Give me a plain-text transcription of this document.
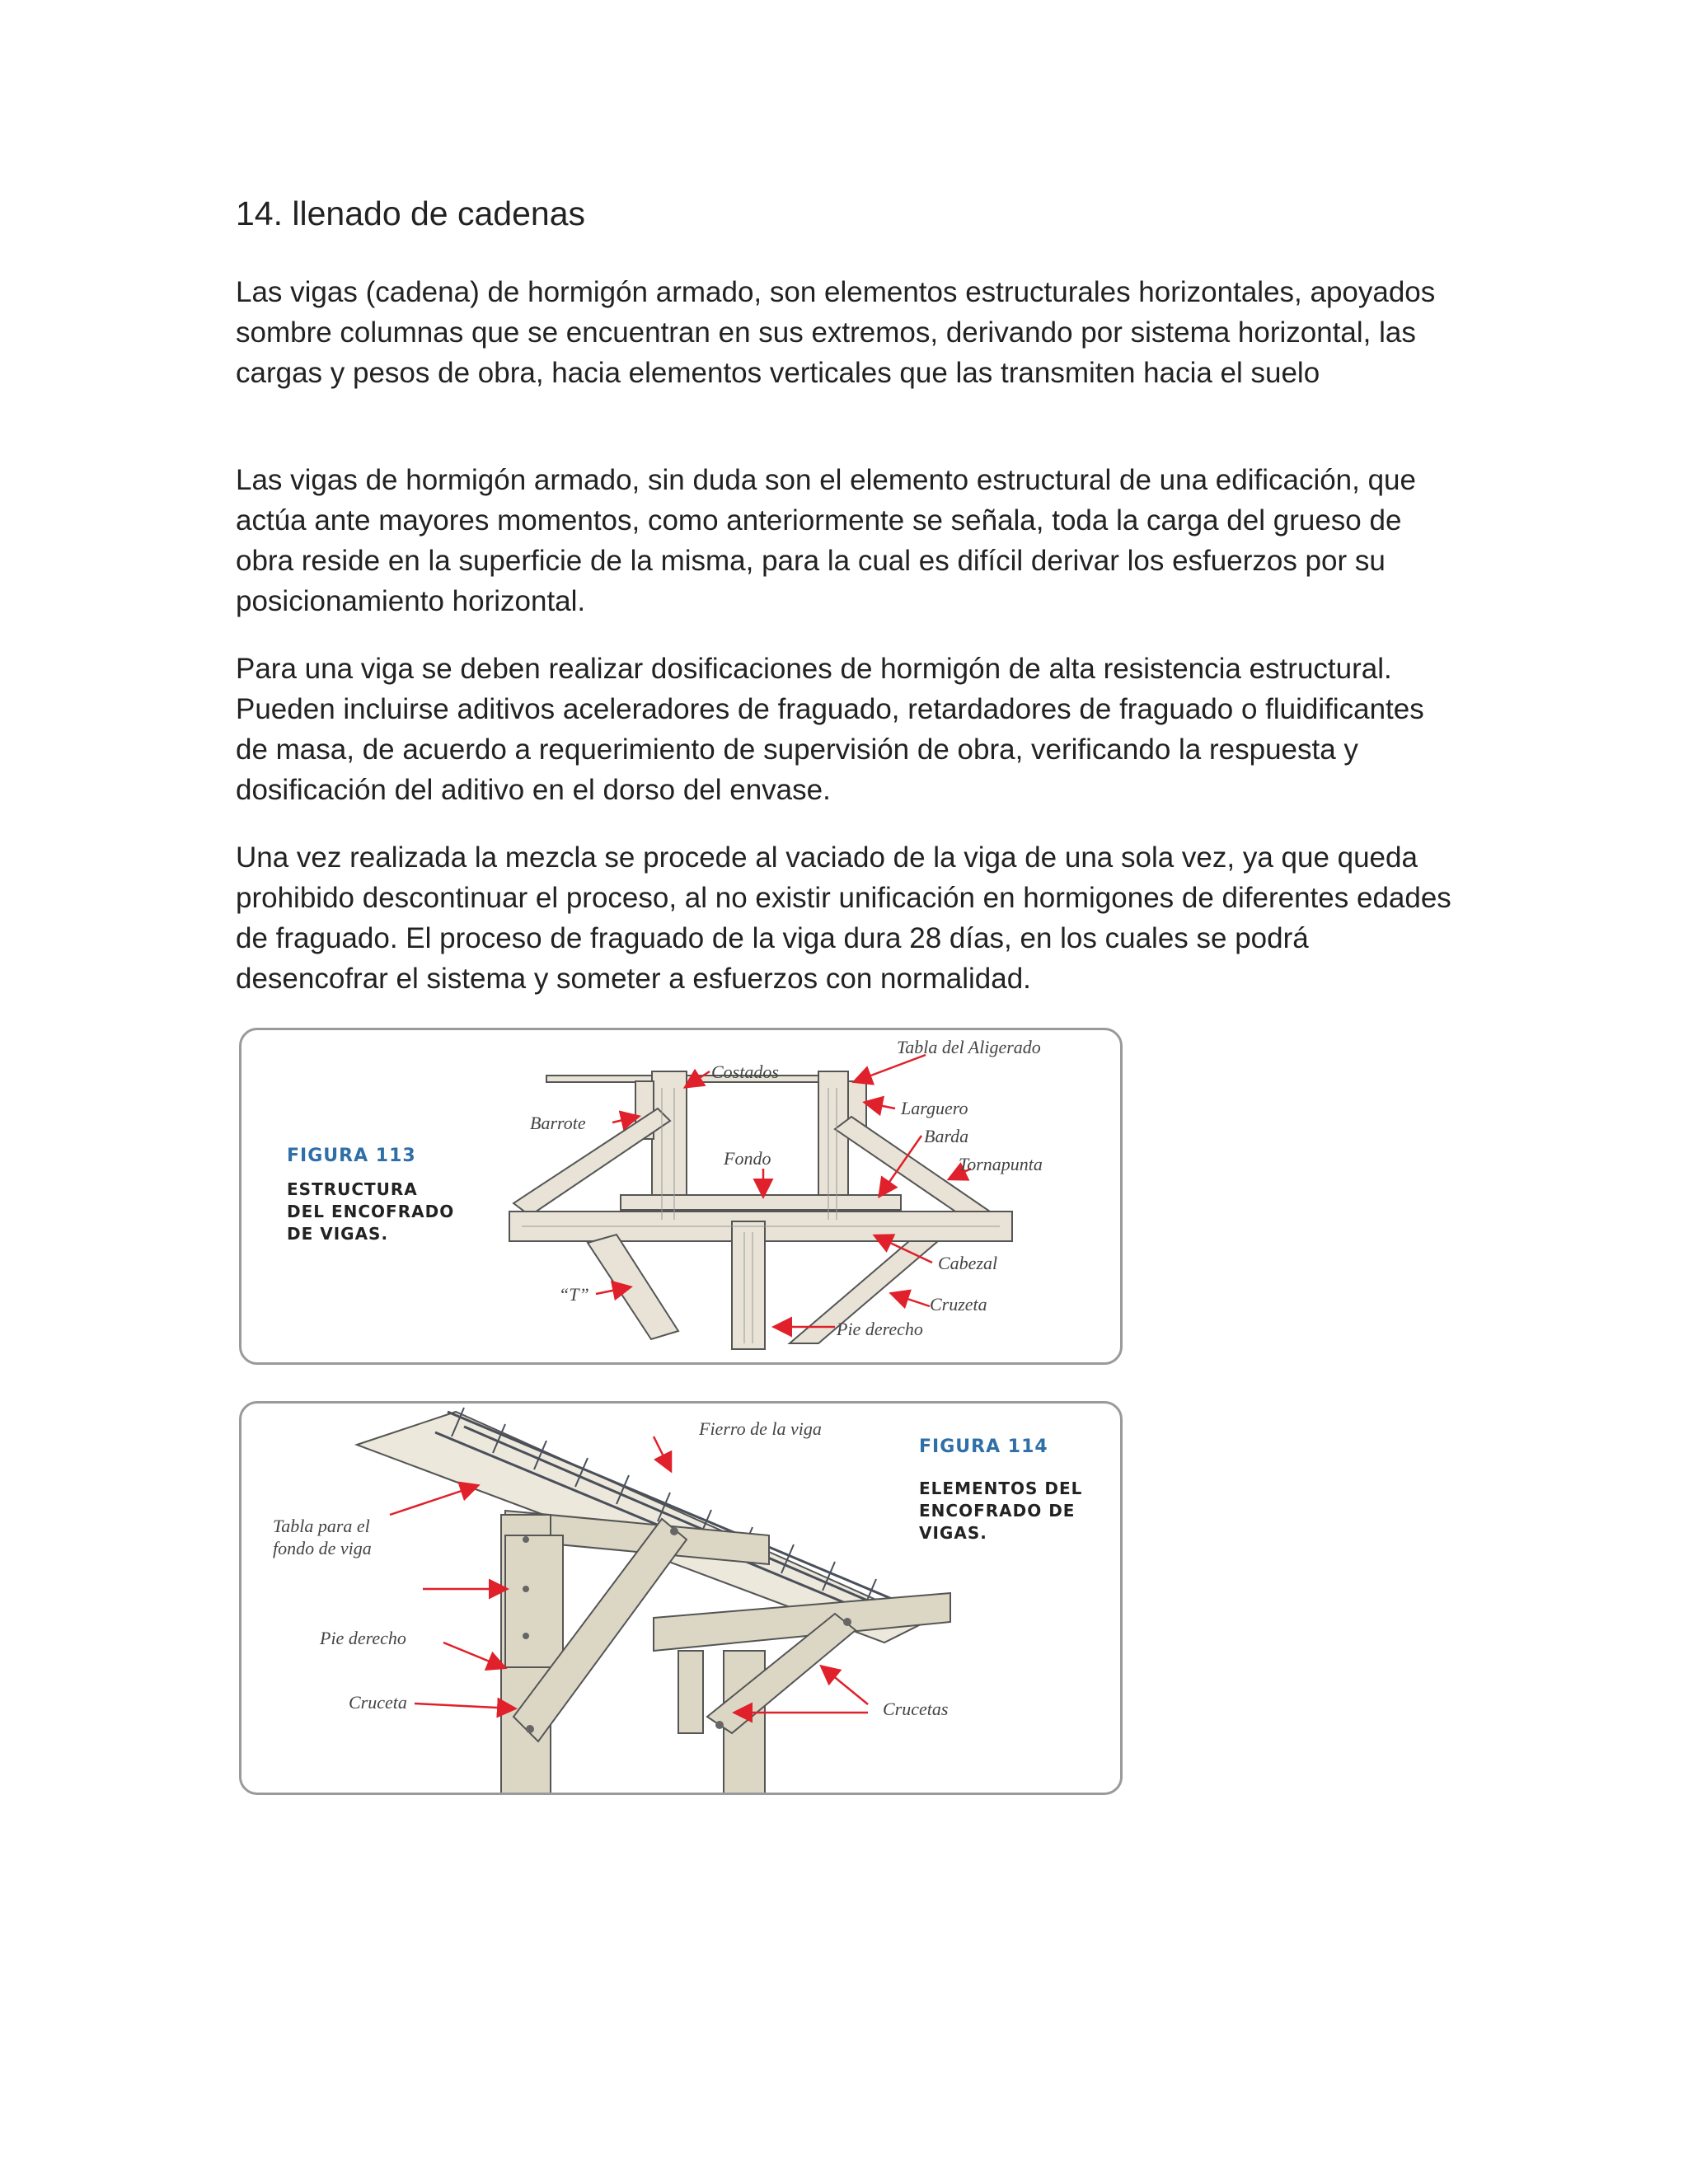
14. llenado de cadenas

Las vigas (cadena) de hormigón armado, son elementos estructurales horizontales, apoyados sombre columnas que se encuentran en sus extremos, derivando por sistema horizontal, las cargas y pesos de obra, hacia elementos verticales que las transmiten hacia el suelo

Las vigas de hormigón armado, sin duda son el elemento estructural de una edificación, que actúa ante mayores momentos, como anteriormente se señala, toda la carga del grueso de obra reside en la superficie de la misma, para la cual es difícil derivar los esfuerzos por su posicionamiento horizontal.

Para una viga se deben realizar dosificaciones de hormigón de alta resistencia estructural. Pueden incluirse aditivos aceleradores de fraguado, retardadores de fraguado o fluidificantes de masa, de acuerdo a requerimiento de supervisión de obra, verificando la respuesta y dosificación del aditivo en el dorso del envase.

Una vez realizada la mezcla se procede al vaciado de la viga de una sola vez, ya que queda prohibido descontinuar el proceso, al no existir unificación en hormigones de diferentes edades de fraguado. El proceso de fraguado de la viga dura 28 días, en los cuales se podrá desencofrar el sistema y someter a esfuerzos con normalidad.

FIGURA 113
ESTRUCTURA
DEL ENCOFRADO
DE VIGAS.
Tabla del Aligerado
Costados
Larguero
Barrote
Barda
Fondo	Tornapunta
Cabezal
“T”	Cruzeta
Pie derecho
FIGURA 114
ELEMENTOS DEL
ENCOFRADO DE
VIGAS.
Fierro de la viga
Tabla para el
fondo de viga
Pie derecho
Cruceta	Crucetas
